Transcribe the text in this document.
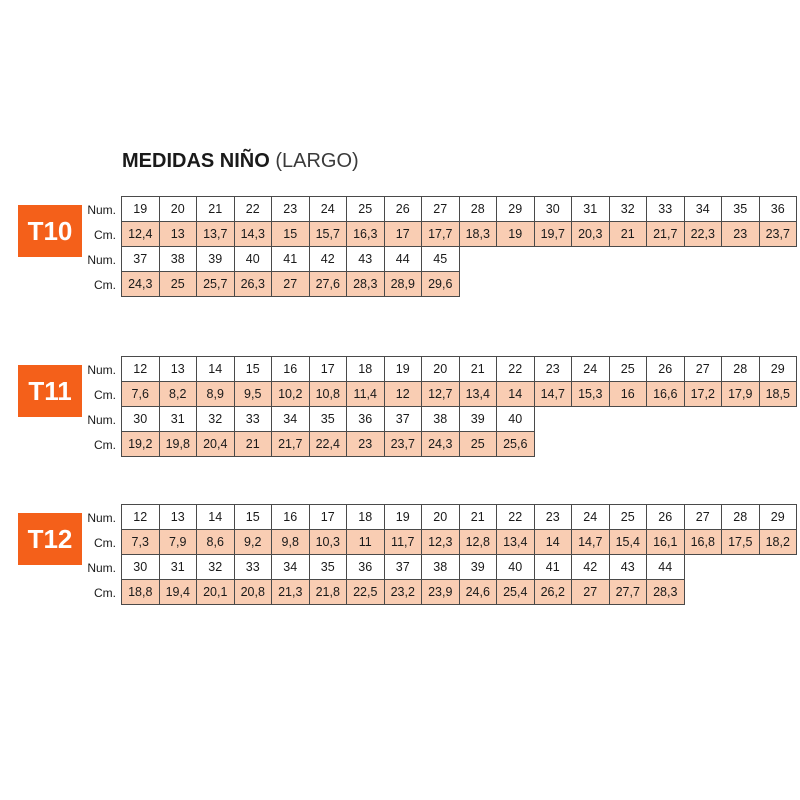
MEDIDAS NIÑO (LARGO)
T10
Num.	19	20	21	22	23	24	25	26	27	28	29	30	31	32	33	34	35	36
Cm. 12,4	13	13,7	14,3	15	15,7	16,3	17	17,7	18,3	19	19,7	20,3	21	21,7	22,3	23	23,7
Num.	37	38	39	40	41	42	43	44	45
Cm. 24,3	25	25,7	26,3	27	27,6	28,3	28,9	29,6
T11
Num.	12	13	14	15	16	17	18	19	20	21	22	23	24	25	26	27	28	29
Cm.	7,6	8,2	8,9	9,5	10,2	10,8	11,4	12	12,7	13,4	14	14,7	15,3	16	16,6	17,2	17,9	18,5
Num.	30	31	32	33	34	35	36	37	38	39	40
Cm. 19,2	19,8	20,4	21	21,7	22,4	23	23,7	24,3	25	25,6
T12
Num.	12	13	14	15	16	17	18	19	20	21	22	23	24	25	26	27	28	29
Cm.	7,3	7,9	8,6	9,2	9,8	10,3	11	11,7	12,3	12,8	13,4	14	14,7	15,4	16,1	16,8	17,5	18,2
Num.	30	31	32	33	34	35	36	37	38	39	40	41	42	43	44
Cm. 18,8	19,4	20,1	20,8	21,3	21,8	22,5	23,2	23,9	24,6	25,4	26,2	27	27,7	28,3
